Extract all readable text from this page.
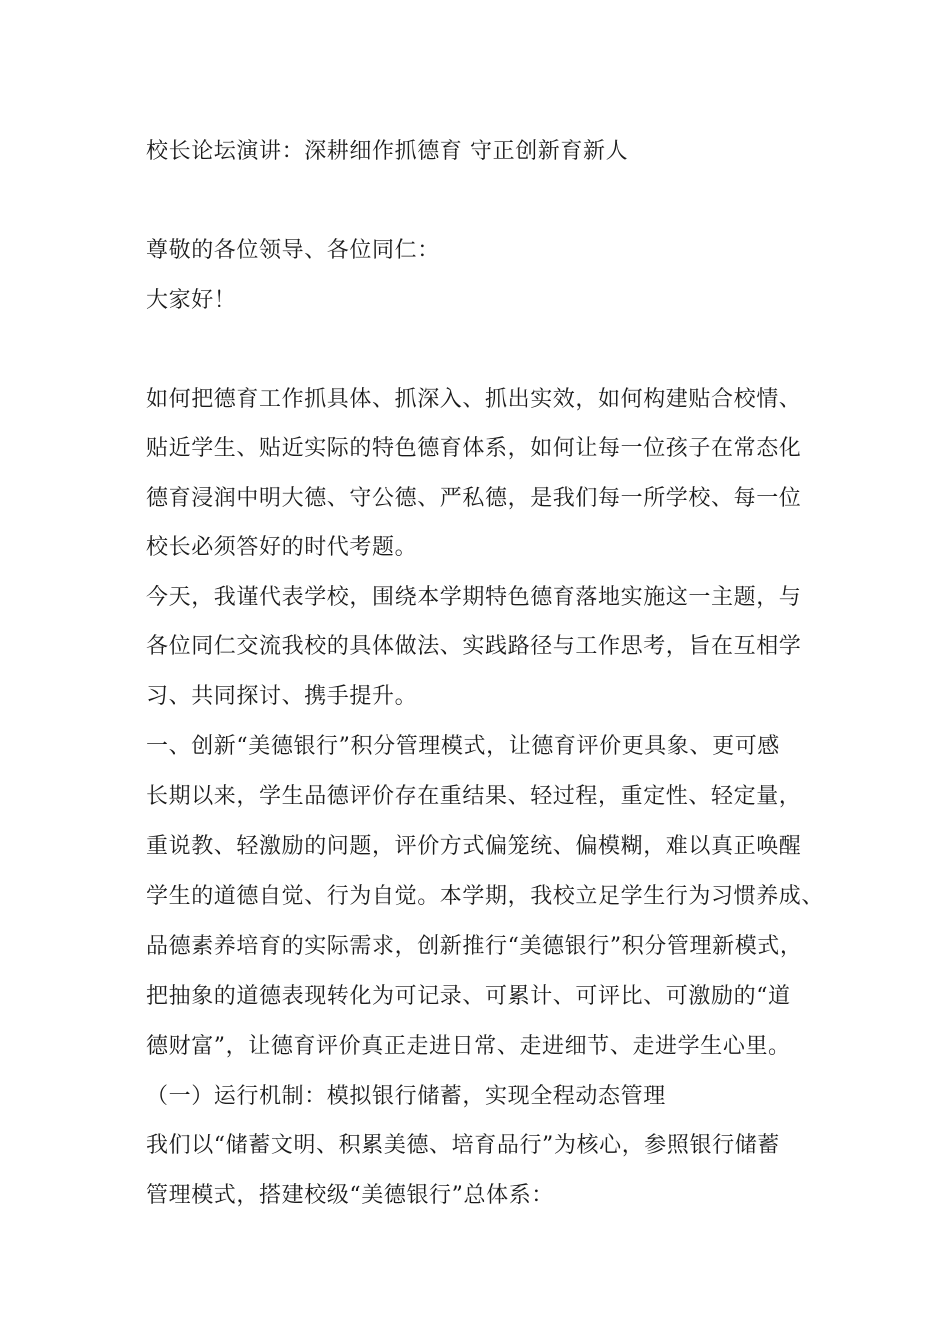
校长论坛演讲：深耕细作抓德育 守正创新育新人
尊敬的各位领导、各位同仁：
大家好！
如何把德育工作抓具体、抓深入、抓出实效，如何构建贴合校情、
贴近学生、贴近实际的特色德育体系，如何让每一位孩子在常态化
德育浸润中明大德、守公德、严私德，是我们每一所学校、每一位
校长必须答好的时代考题。
今天，我谨代表学校，围绕本学期特色德育落地实施这一主题，与
各位同仁交流我校的具体做法、实践路径与工作思考，旨在互相学
习、共同探讨、携手提升。
一、创新“美德银行”积分管理模式，让德育评价更具象、更可感
长期以来，学生品德评价存在重结果、轻过程，重定性、轻定量，
重说教、轻激励的问题，评价方式偏笼统、偏模糊，难以真正唤醒
学生的道德自觉、行为自觉。本学期，我校立足学生行为习惯养成、
品德素养培育的实际需求，创新推行“美德银行”积分管理新模式，
把抽象的道德表现转化为可记录、可累计、可评比、可激励的“道
德财富”，让德育评价真正走进日常、走进细节、走进学生心里。
（一）运行机制：模拟银行储蓄，实现全程动态管理
我们以“储蓄文明、积累美德、培育品行”为核心，参照银行储蓄
管理模式，搭建校级“美德银行”总体系：
